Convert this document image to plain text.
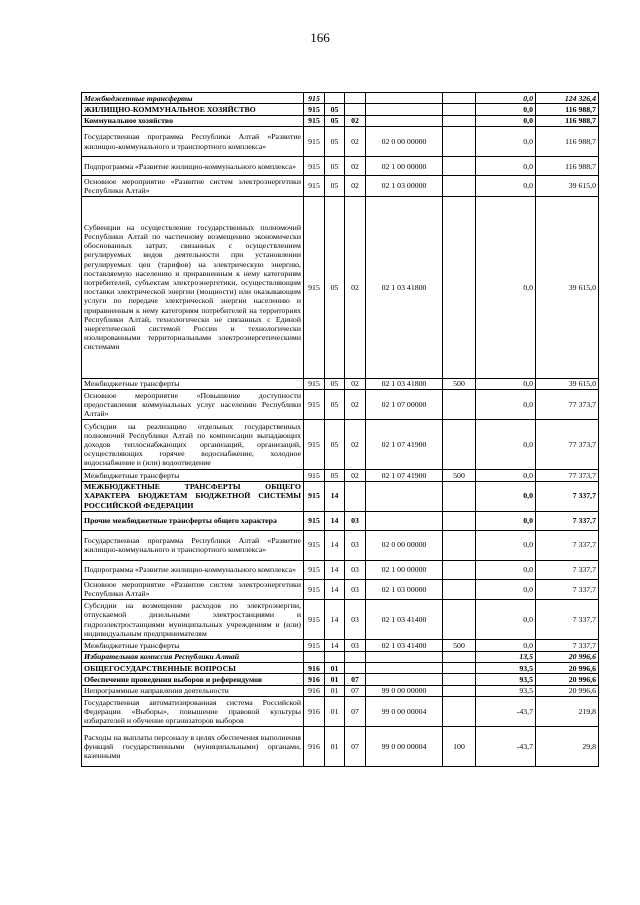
166
Межбюджетные трансферты	915					0,0	124 326,4
ЖИЛИЩНО-КОММУНАЛЬНОЕ ХОЗЯЙСТВО	915	05				0,0	116 988,7
Коммунальное хозяйство	915	05	02			0,0	116 988,7
Государственная программа Республики Алтай «Развитие жилищно-коммунального и транспортного комплекса»	915	05	02	02 0 00 00000		0,0	116 988,7
Подпрограмма «Развитие жилищно-коммунального комплекса»	915	05	02	02 1 00 00000		0,0	116 988,7
Основное мероприятие «Развитие систем электроэнергетики Республики Алтай»	915	05	02	02 1 03 00000		0,0	39 615,0
Субвенции на осуществление государственных полномочий Республики Алтай по частичному возмещению экономически обоснованных затрат, связанных с осуществлением регулируемых видов деятельности при установлении регулируемых цен (тарифов) на электрическую энергию, поставляемую населению и приравненным к нему категориям потребителей, субъектам электроэнергетики, осуществляющим поставки электрической энергии (мощности) или оказывающим услуги по передаче электрической энергии населению и приравненным к нему категориям потребителей на территориях Республики Алтай, технологически не связанных с Единой энергетической системой России и технологически изолированными территориальными электроэнергетическими системами	915	05	02	02 1 03 41800		0,0	39 615,0
Межбюджетные трансферты	915	05	02	02 1 03 41800	500	0,0	39 615,0
Основное мероприятие «Повышение доступности предоставления коммунальных услуг населению Республики Алтай»	915	05	02	02 1 07 00000		0,0	77 373,7
Субсидии на реализацию отдельных государственных полномочий Республики Алтай по компенсации выпадающих доходов теплоснабжающих организаций, организаций, осуществляющих горячее водоснабжение, холодное водоснабжение и (или) водоотведение	915	05	02	02 1 07 41900		0,0	77 373,7
Межбюджетные трансферты	915	05	02	02 1 07 41900	500	0,0	77 373,7
МЕЖБЮДЖЕТНЫЕ ТРАНСФЕРТЫ ОБЩЕГО ХАРАКТЕРА БЮДЖЕТАМ БЮДЖЕТНОЙ СИСТЕМЫ РОССИЙСКОЙ ФЕДЕРАЦИИ	915	14				0,0	7 337,7
Прочие межбюджетные трансферты общего характера	915	14	03			0,0	7 337,7
Государственная программа Республики Алтай «Развитие жилищно-коммунального и транспортного комплекса»	915	14	03	02 0 00 00000		0,0	7 337,7
Подпрограмма «Развитие жилищно-коммунального комплекса»	915	14	03	02 1 00 00000		0,0	7 337,7
Основное мероприятие «Развитие систем электроэнергетики Республики Алтай»	915	14	03	02 1 03 00000		0,0	7 337,7
Субсидии на возмещение расходов по электроэнергии, отпускаемой дизельными электростанциями и гидроэлектростанциями муниципальных учреждениям и (или) индивидуальным предпринимателям	915	14	03	02 1 03 41400		0,0	7 337,7
Межбюджетные трансферты	915	14	03	02 1 03 41400	500	0,0	7 337,7
Избирательная комиссия Республики Алтай						13,5	20 996,6
ОБЩЕГОСУДАРСТВЕННЫЕ ВОПРОСЫ	916	01				93,5	20 996,6
Обеспечение проведения выборов и референдумов	916	01	07			93,5	20 996,6
Непрограммные направления деятельности	916	01	07	99 0 00 00000		93,5	20 996,6
Государственная автоматизированная система Российской Федерации «Выборы», повышение правовой культуры избирателей и обучение организаторов выборов	916	01	07	99 0 00 00004		-43,7	219,8
Расходы на выплаты персоналу в целях обеспечения выполнения функций государственными (муниципальными) органами, казенными	916	01	07	99 0 00 00004	100	-43,7	29,8
